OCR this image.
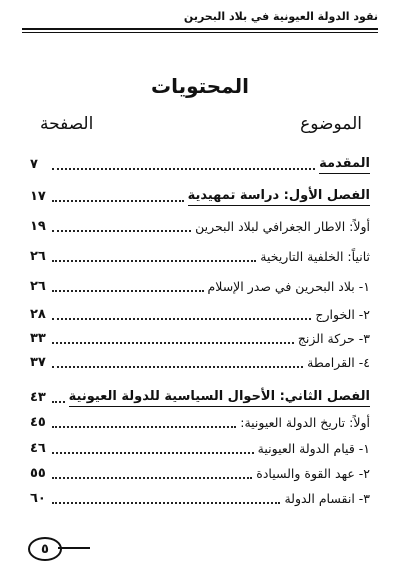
نقود الدولة العيونية في بلاد البحرين
المحتويات
الموضوع
الصفحة
المقدمة
٧
الفصل الأول: دراسة تمهيدية
١٧
أولاً: الاطار الجغرافي لبلاد البحرين
١٩
ثانياً: الخلفية التاريخية
٢٦
١- بلاد البحرين في صدر الإسلام
٢٦
٢- الخوارج
٢٨
٣- حركة الزنج
٣٣
٤- القرامطة
٣٧
الفصل الثاني: الأحوال السياسية للدولة العيونية
٤٣
أولاً: تاريخ الدولة العيونية:
٤٥
١- قيام الدولة العيونية
٤٦
٢- عهد القوة والسيادة
٥٥
٣- انقسام الدولة
٦٠
٥
